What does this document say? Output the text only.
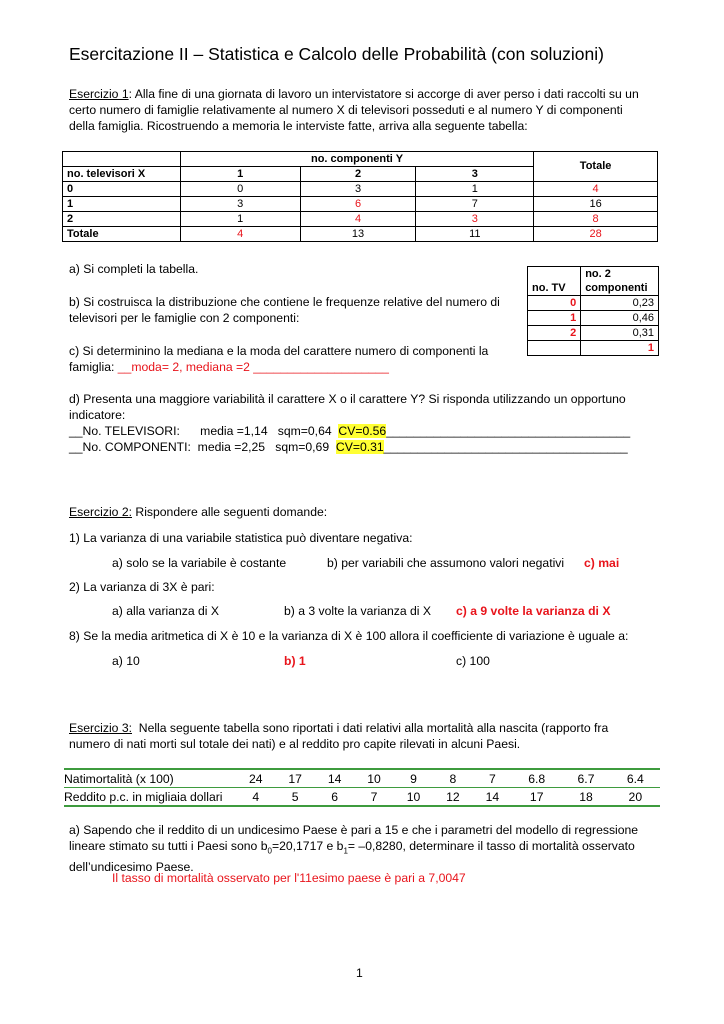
Esercitazione II – Statistica e Calcolo delle Probabilità (con soluzioni)

Esercizio 1: Alla fine di una giornata di lavoro un intervistatore si accorge di aver perso i dati raccolti su un

certo numero di famiglie relativamente al numero X di televisori posseduti e al numero Y di componenti

della famiglia. Ricostruendo a memoria le interviste fatte, arriva alla seguente tabella:

	no. componenti Y			Totale
no. televisori X	1	2	3	
0	0	3	1	4
1	3	6	7	16
2	1	4	3	8
Totale	4	13	11	28
no. TV	no. 2
	componenti
0	0,23
1	0,46
2	0,31
	1
a) Si completi la tabella.

b) Si costruisca la distribuzione che contiene le frequenze relative del numero di

televisori per le famiglie con 2 componenti:

c) Si determinino la mediana e la moda del carattere numero di componenti la

famiglia: __moda= 2, mediana =2 ____________________

d) Presenta una maggiore variabilità il carattere X o il carattere Y? Si risponda utilizzando un opportuno

indicatore:

__No. TELEVISORI:      media =1,14   sqm=0,64  CV=0.56____________________________________

__No. COMPONENTI:  media =2,25   sqm=0,69  CV=0.31____________________________________

Esercizio 2: Rispondere alle seguenti domande:
1) La varianza di una variabile statistica può diventare negativa:
a) solo se la variabile è costante	b) per variabili che assumono valori negativi c) mai
2) La varianza di 3X è pari:
a) alla varianza di X	b) a 3 volte la varianza di X c) a 9 volte la varianza di X
8) Se la media aritmetica di X è 10 e la varianza di X è 100 allora il coefficiente di variazione è uguale a:
a) 10	b) 1	c) 100

Esercizio 3:  Nella seguente tabella sono riportati i dati relativi alla mortalità alla nascita (rapporto fra

numero di nati morti sul totale dei nati) e al reddito pro capite rilevati in alcuni Paesi.

Natimortalità (x 100)	24	17	14	10	9	8	7	6.8	6.7	6.4
Reddito p.c. in migliaia dollari	4	5	6	7	10	12	14	17	18	20

a) Sapendo che il reddito di un undicesimo Paese è pari a 15 e che i parametri del modello di regressione

lineare stimato su tutti i Paesi sono $b_0=20,1717$ e $b_1= -0,8280$, determinare il tasso di mortalità osservato

dell’undicesimo Paese.

Il tasso di mortalità osservato per l'11esimo paese è pari a 7,0047
1
